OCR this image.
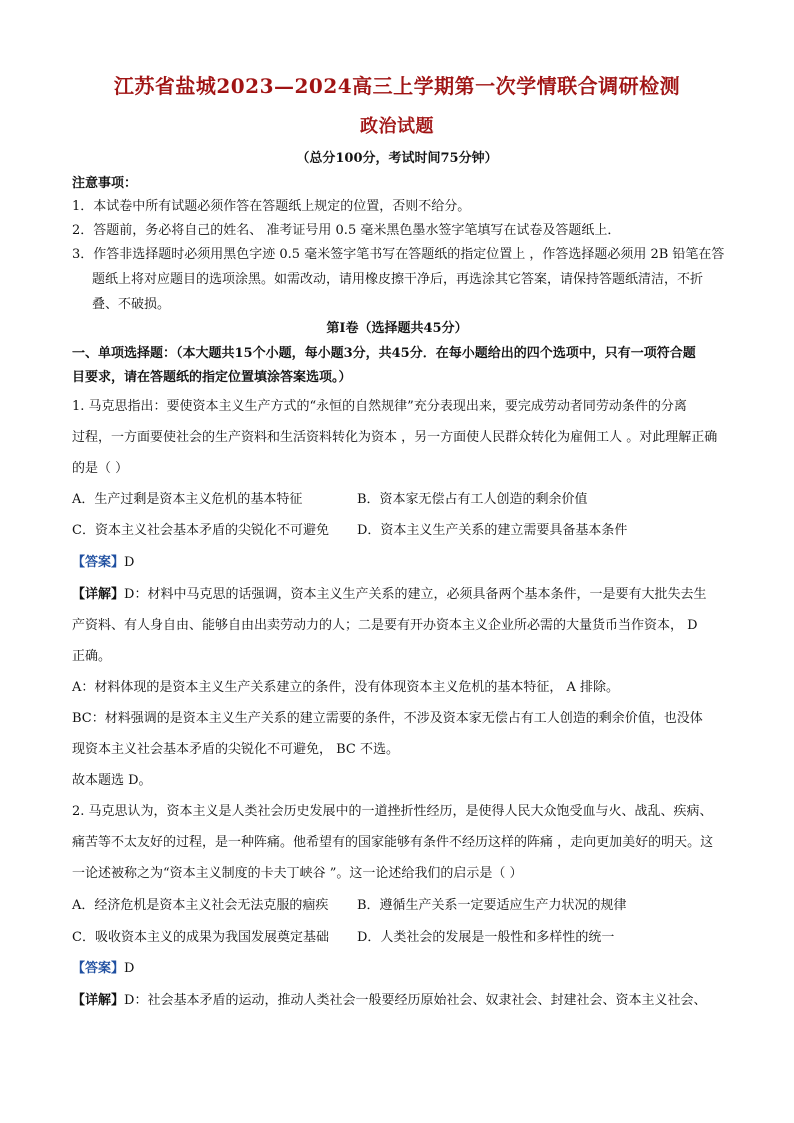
江苏省盐城2023—2024高三上学期第一次学情联合调研检测
政治试题
（总分100分，考试时间75分钟）
注意事项：
1．本试卷中所有试题必须作答在答题纸上规定的位置，否则不给分。
2．答题前，务必将自己的姓名、 准考证号用 0.5 毫米黑色墨水签字笔填写在试卷及答题纸上．
3．作答非选择题时必须用黑色字迹 0.5 毫米签字笔书写在答题纸的指定位置上 ，作答选择题必须用 2B 铅笔在答
题纸上将对应题目的选项涂黑。如需改动，请用橡皮擦干净后，再选涂其它答案，请保持答题纸清洁，不折
叠、不破损。
第Ⅰ卷（选择题共45分）
一、单项选择题：（本大题共15个小题，每小题3分，共45分．在每小题给出的四个选项中，只有一项符合题
目要求，请在答题纸的指定位置填涂答案选项。）
1. 马克思指出：要使资本主义生产方式的“永恒的自然规律”充分表现出来，要完成劳动者同劳动条件的分离
过程，一方面要使社会的生产资料和生活资料转化为资本 ，另一方面使人民群众转化为雇佣工人 。对此理解正确
的是（ ）
A．生产过剩是资本主义危机的基本特征	B．资本家无偿占有工人创造的剩余价值
C．资本主义社会基本矛盾的尖锐化不可避免 D．资本主义生产关系的建立需要具备基本条件
【答案】D
【详解】D：材料中马克思的话强调，资本主义生产关系的建立，必须具备两个基本条件，一是要有大批失去生
产资料、有人身自由、能够自由出卖劳动力的人；二是要有开办资本主义企业所必需的大量货币当作资本， D
正确。
A：材料体现的是资本主义生产关系建立的条件，没有体现资本主义危机的基本特征， A 排除。
BC：材料强调的是资本主义生产关系的建立需要的条件，不涉及资本家无偿占有工人创造的剩余价值，也没体
现资本主义社会基本矛盾的尖锐化不可避免， BC 不选。
故本题选 D。
2. 马克思认为，资本主义是人类社会历史发展中的一道挫折性经历，是使得人民大众饱受血与火、战乱、疾病、
痛苦等不太友好的过程，是一种阵痛。他希望有的国家能够有条件不经历这样的阵痛 ，走向更加美好的明天。这
一论述被称之为“资本主义制度的卡夫丁峡谷 ”。这一论述给我们的启示是（ ）
A．经济危机是资本主义社会无法克服的痼疾 B．遵循生产关系一定要适应生产力状况的规律
C．吸收资本主义的成果为我国发展奠定基础 D．人类社会的发展是一般性和多样性的统一
【答案】D
【详解】D：社会基本矛盾的运动，推动人类社会一般要经历原始社会、奴隶社会、封建社会、资本主义社会、
